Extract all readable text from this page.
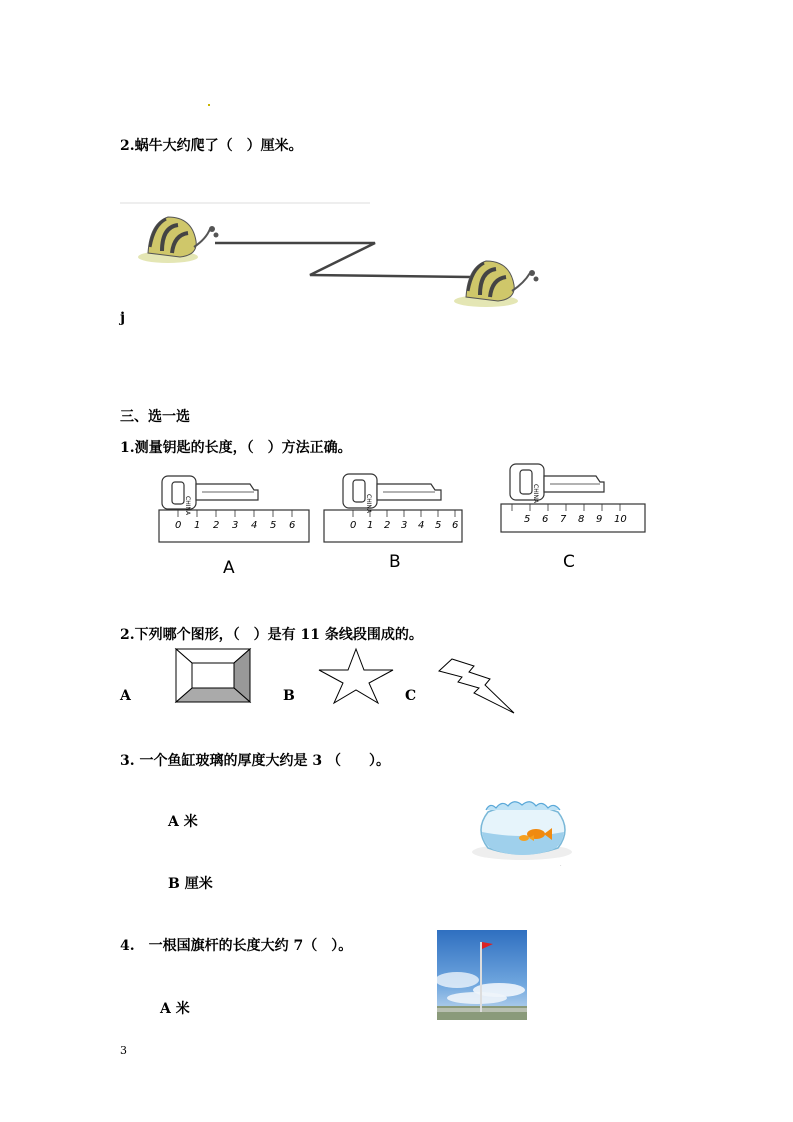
2.蜗牛大约爬了（　）厘米。
j
三、选一选
1.测量钥匙的长度，（　）方法正确。
0 1 2 3 4 5 6
CHINA
A
0 1 2 3 4 5 6
CHINA
B
5 6 7 8 9 10
CHINA
C
2.下列哪个图形，（　）是有 11 条线段围成的。
A	B	C
3. 一个鱼缸玻璃的厚度大约是 3 （　　）。
A 米
B 厘米
.
4.　一根国旗杆的长度大约 7（　）。
A 米
3
